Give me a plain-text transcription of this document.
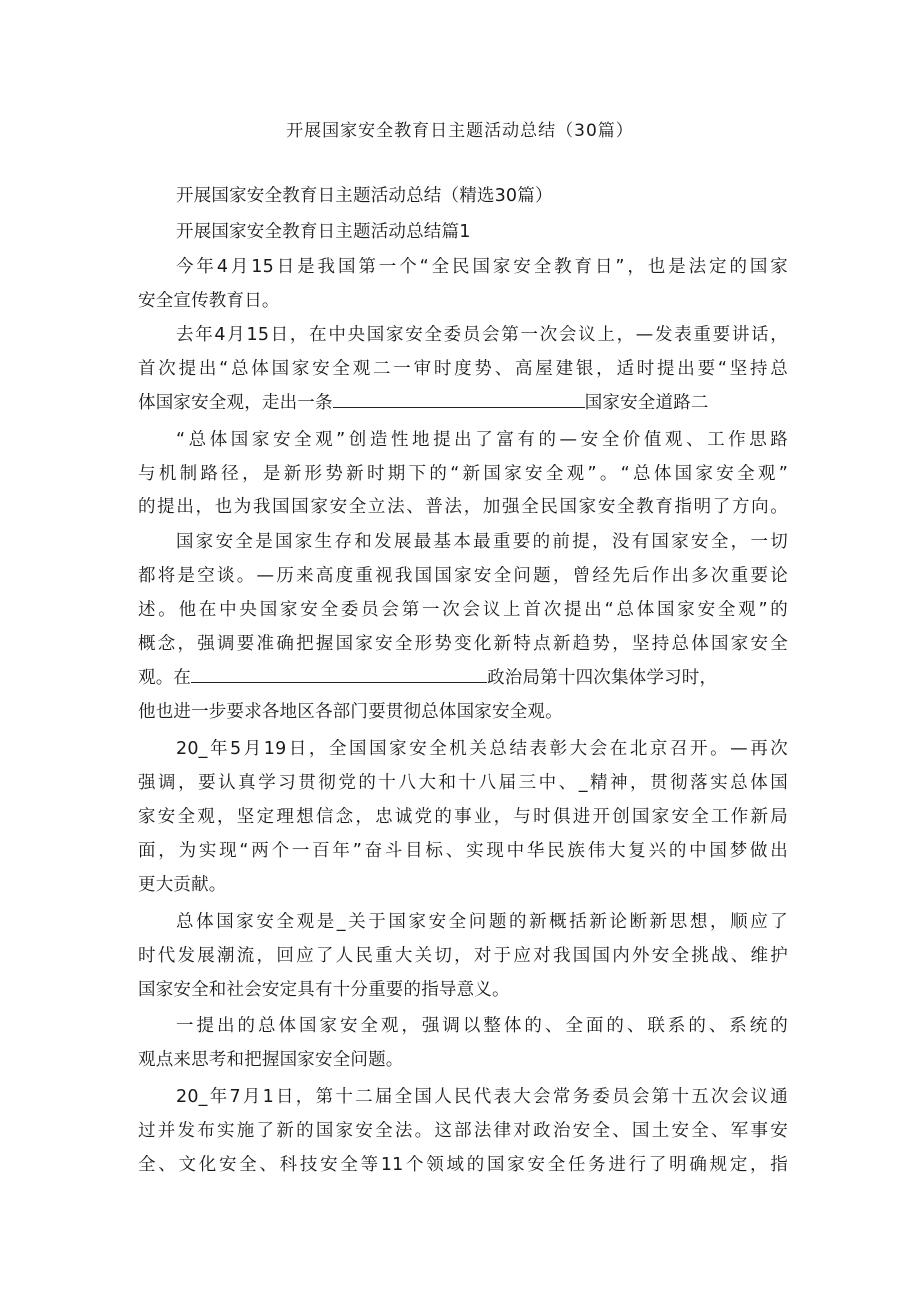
开展国家安全教育日主题活动总结（30篇）
开展国家安全教育日主题活动总结（精选30篇）
开展国家安全教育日主题活动总结篇1
今年4月15日是我国第一个“全民国家安全教育日”，也是法定的国家
安全宣传教育日。
去年4月15日，在中央国家安全委员会第一次会议上，—发表重要讲话，
首次提出“总体国家安全观二一审时度势、高屋建银，适时提出要“坚持总
体国家安全观，走出一条	国家安全道路二
“总体国家安全观”创造性地提出了富有的—安全价值观、工作思路
与机制路径，是新形势新时期下的“新国家安全观”。“总体国家安全观”
的提出，也为我国国家安全立法、普法，加强全民国家安全教育指明了方向。
国家安全是国家生存和发展最基本最重要的前提，没有国家安全，一切
都将是空谈。—历来高度重视我国国家安全问题，曾经先后作出多次重要论
述。他在中央国家安全委员会第一次会议上首次提出“总体国家安全观”的
概念，强调要准确把握国家安全形势变化新特点新趋势，坚持总体国家安全
观。在	政治局第十四次集体学习时，
他也进一步要求各地区各部门要贯彻总体国家安全观。
20_年5月19日，全国国家安全机关总结表彰大会在北京召开。—再次
强调，要认真学习贯彻党的十八大和十八届三中、_精神，贯彻落实总体国
家安全观，坚定理想信念，忠诚党的事业，与时俱进开创国家安全工作新局
面，为实现“两个一百年”奋斗目标、实现中华民族伟大复兴的中国梦做出
更大贡献。
总体国家安全观是_关于国家安全问题的新概括新论断新思想，顺应了
时代发展潮流，回应了人民重大关切，对于应对我国国内外安全挑战、维护
国家安全和社会安定具有十分重要的指导意义。
一提出的总体国家安全观，强调以整体的、全面的、联系的、系统的
观点来思考和把握国家安全问题。
20_年7月1日，第十二届全国人民代表大会常务委员会第十五次会议通
过并发布实施了新的国家安全法。这部法律对政治安全、国土安全、军事安
全、文化安全、科技安全等11个领域的国家安全任务进行了明确规定，指
